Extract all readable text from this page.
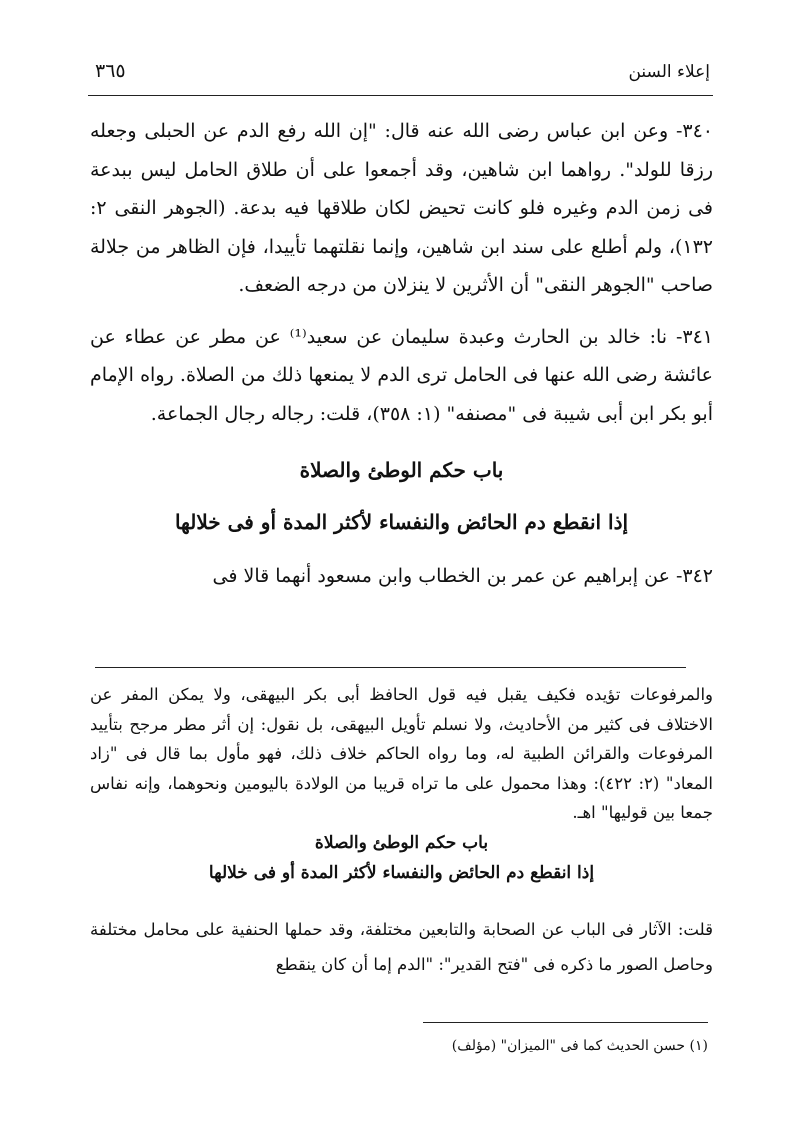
إعلاء السنن
٣٦٥

٣٤٠- وعن ابن عباس رضى الله عنه قال: "إن الله رفع الدم عن الحبلى وجعله رزقا للولد". رواهما ابن شاهين، وقد أجمعوا على أن طلاق الحامل ليس ببدعة فى زمن الدم وغيره فلو كانت تحيض لكان طلاقها فيه بدعة. (الجوهر النقى ٢: ١٣٢)، ولم أطلع على سند ابن شاهين، وإنما نقلتهما تأييدا، فإن الظاهر من جلالة صاحب "الجوهر النقى" أن الأثرين لا ينزلان من درجه الضعف.

٣٤١- نا: خالد بن الحارث وعبدة سليمان عن سعيد⁽¹⁾ عن مطر عن عطاء عن عائشة رضى الله عنها فى الحامل ترى الدم لا يمنعها ذلك من الصلاة. رواه الإمام أبو بكر ابن أبى شيبة فى "مصنفه" (١: ٣٥٨)، قلت: رجاله رجال الجماعة.

باب حكم الوطئ والصلاة

إذا انقطع دم الحائض والنفساء لأكثر المدة أو فى خلالها

٣٤٢- عن إبراهيم عن عمر بن الخطاب وابن مسعود أنهما قالا فى

والمرفوعات تؤيده فكيف يقبل فيه قول الحافظ أبى بكر البيهقى، ولا يمكن المفر عن الاختلاف فى كثير من الأحاديث، ولا نسلم تأويل البيهقى، بل نقول: إن أثر مطر مرجح بتأييد المرفوعات والقرائن الطبية له، وما رواه الحاكم خلاف ذلك، فهو مأول بما قال فى "زاد المعاد" (٢: ٤٢٢): وهذا محمول على ما تراه قريبا من الولادة باليومين ونحوهما، وإنه نفاس جمعا بين قوليها" اهـ.

باب حكم الوطئ والصلاة

إذا انقطع دم الحائض والنفساء لأكثر المدة أو فى خلالها

قلت: الآثار فى الباب عن الصحابة والتابعين مختلفة، وقد حملها الحنفية على محامل مختلفة وحاصل الصور ما ذكره فى "فتح القدير": "الدم إما أن كان ينقطع

(١) حسن الحديث كما فى "الميزان" (مؤلف)
